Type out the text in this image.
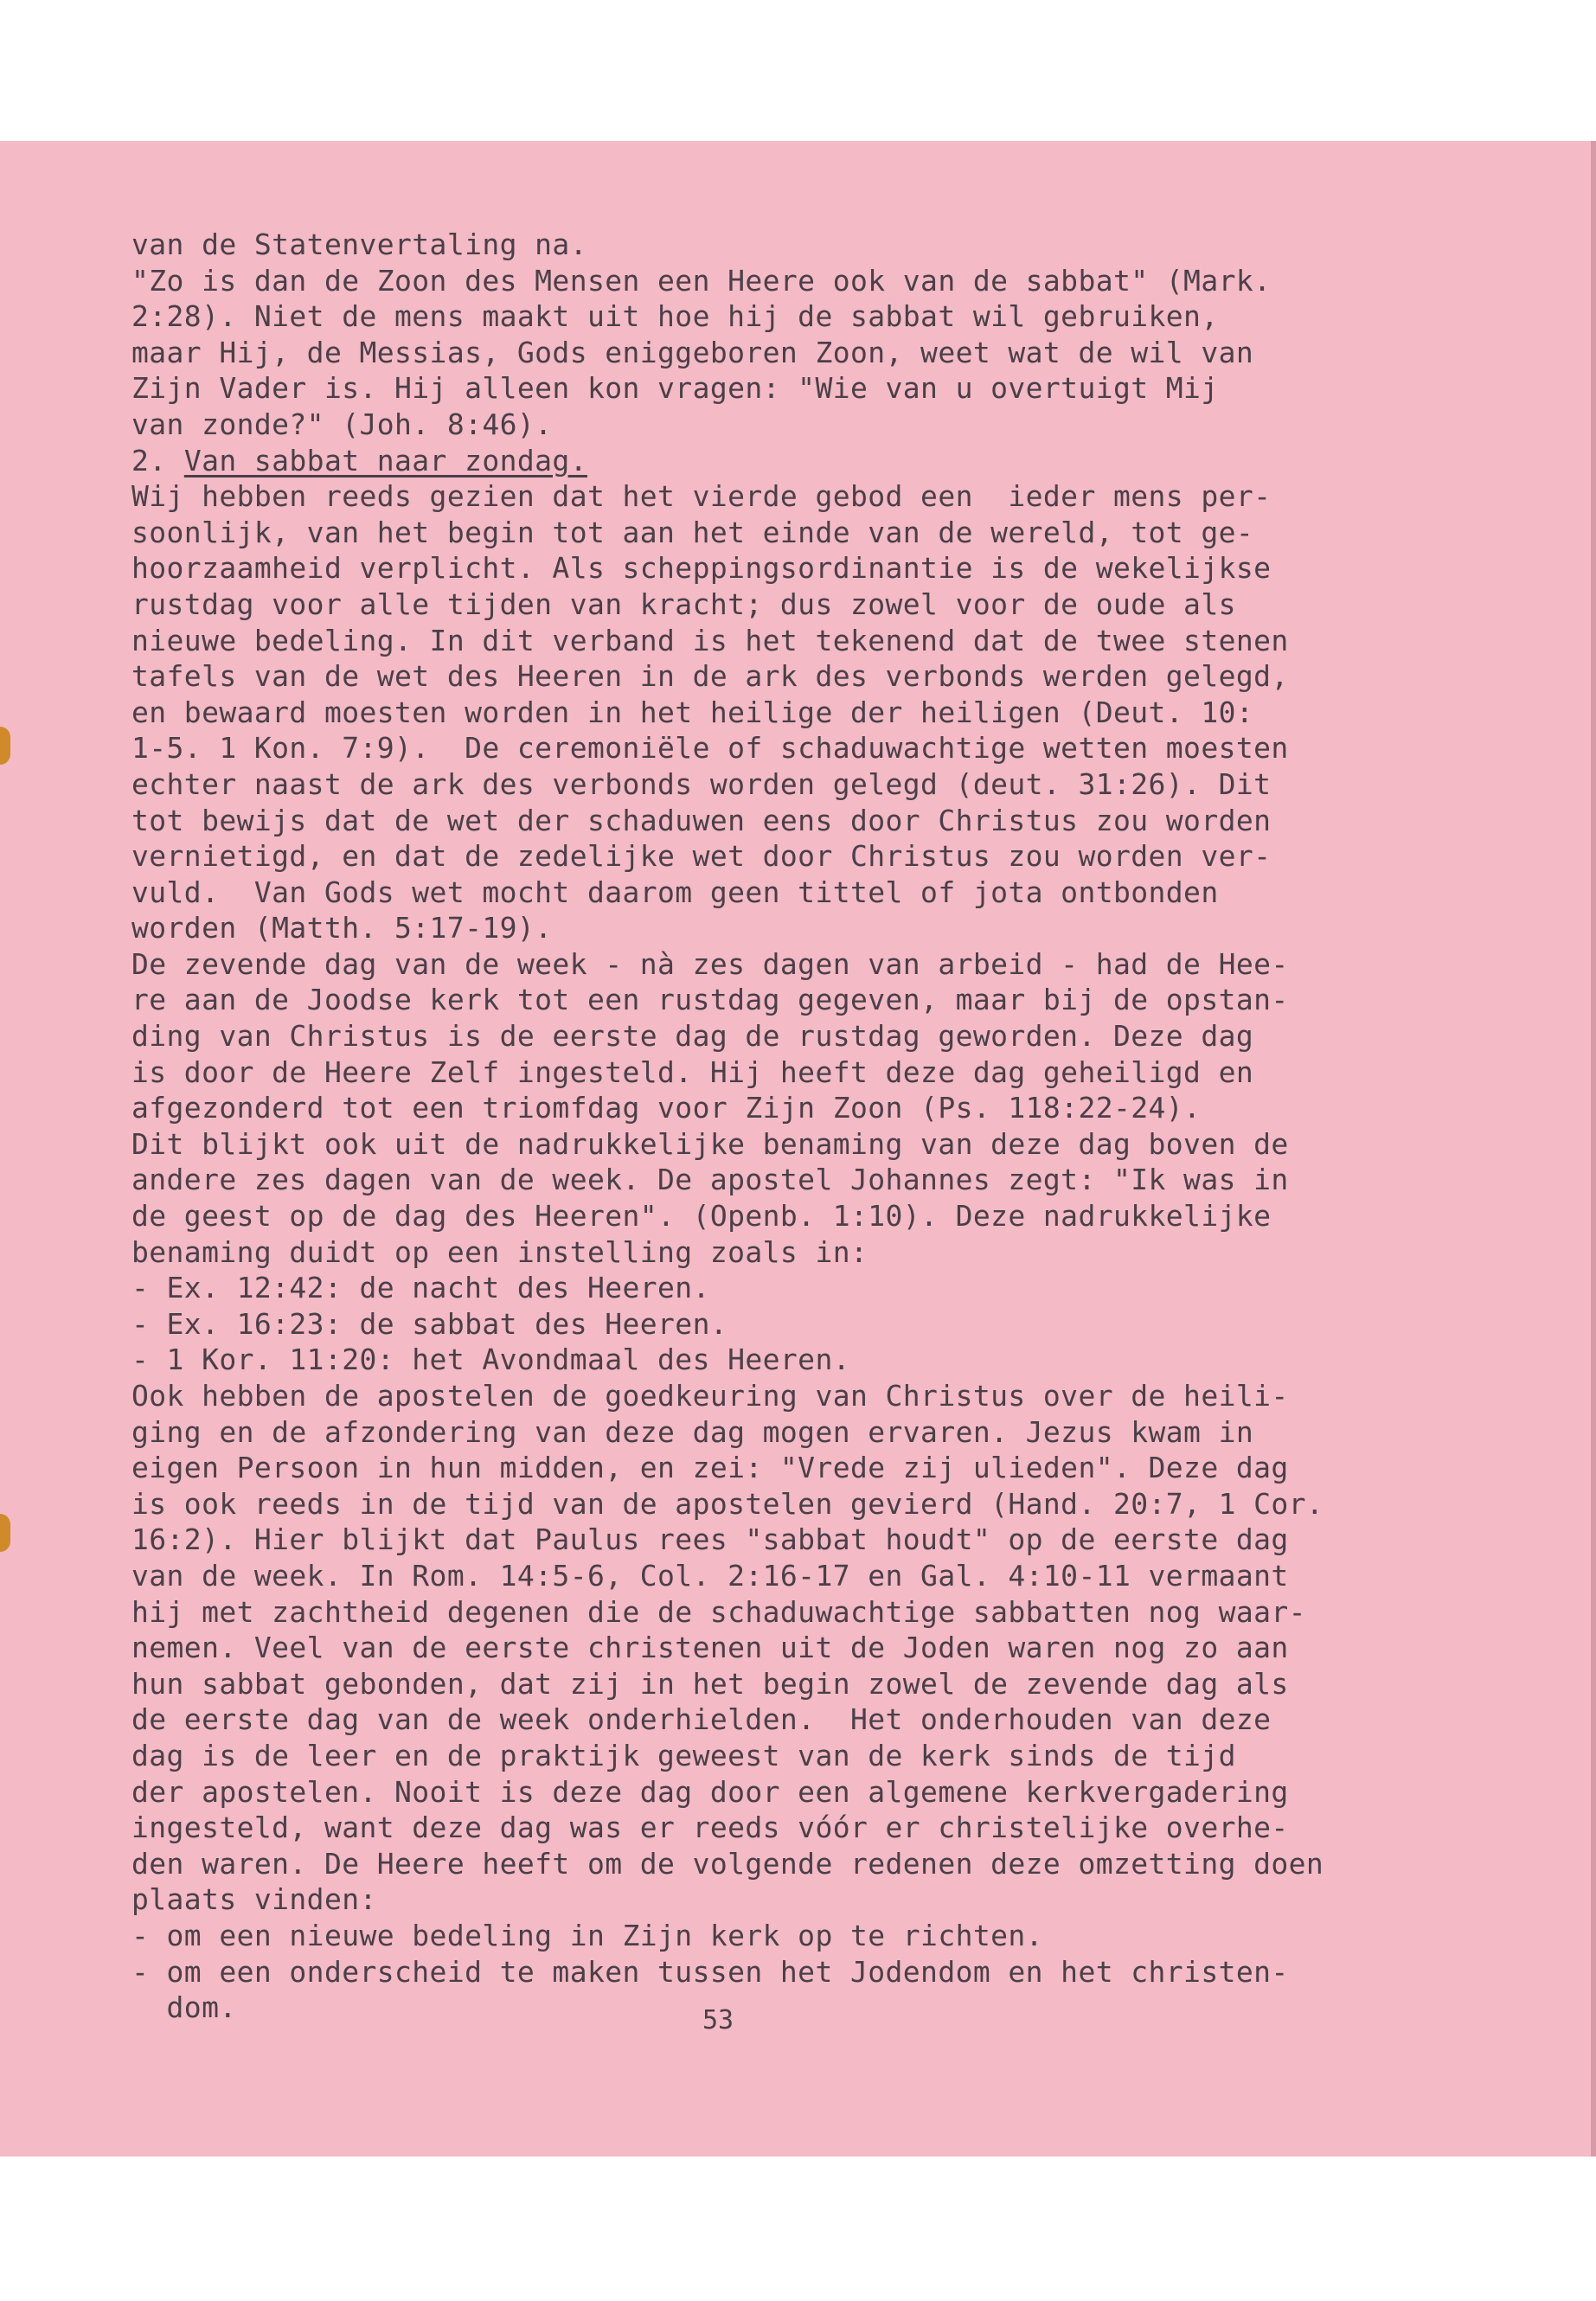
van de Statenvertaling na.
"Zo is dan de Zoon des Mensen een Heere ook van de sabbat" (Mark.
2:28). Niet de mens maakt uit hoe hij de sabbat wil gebruiken,
maar Hij, de Messias, Gods eniggeboren Zoon, weet wat de wil van
Zijn Vader is. Hij alleen kon vragen: "Wie van u overtuigt Mij
van zonde?" (Joh. 8:46).
2. Van sabbat naar zondag.
Wij hebben reeds gezien dat het vierde gebod een  ieder mens per-
soonlijk, van het begin tot aan het einde van de wereld, tot ge-
hoorzaamheid verplicht. Als scheppingsordinantie is de wekelijkse
rustdag voor alle tijden van kracht; dus zowel voor de oude als
nieuwe bedeling. In dit verband is het tekenend dat de twee stenen
tafels van de wet des Heeren in de ark des verbonds werden gelegd,
en bewaard moesten worden in het heilige der heiligen (Deut. 10:
1-5. 1 Kon. 7:9).  De ceremoniële of schaduwachtige wetten moesten
echter naast de ark des verbonds worden gelegd (deut. 31:26). Dit
tot bewijs dat de wet der schaduwen eens door Christus zou worden
vernietigd, en dat de zedelijke wet door Christus zou worden ver-
vuld.  Van Gods wet mocht daarom geen tittel of jota ontbonden
worden (Matth. 5:17-19).
De zevende dag van de week - nà zes dagen van arbeid - had de Hee-
re aan de Joodse kerk tot een rustdag gegeven, maar bij de opstan-
ding van Christus is de eerste dag de rustdag geworden. Deze dag
is door de Heere Zelf ingesteld. Hij heeft deze dag geheiligd en
afgezonderd tot een triomfdag voor Zijn Zoon (Ps. 118:22-24).
Dit blijkt ook uit de nadrukkelijke benaming van deze dag boven de
andere zes dagen van de week. De apostel Johannes zegt: "Ik was in
de geest op de dag des Heeren". (Openb. 1:10). Deze nadrukkelijke
benaming duidt op een instelling zoals in:
- Ex. 12:42: de nacht des Heeren.
- Ex. 16:23: de sabbat des Heeren.
- 1 Kor. 11:20: het Avondmaal des Heeren.
Ook hebben de apostelen de goedkeuring van Christus over de heili-
ging en de afzondering van deze dag mogen ervaren. Jezus kwam in
eigen Persoon in hun midden, en zei: "Vrede zij ulieden". Deze dag
is ook reeds in de tijd van de apostelen gevierd (Hand. 20:7, 1 Cor.
16:2). Hier blijkt dat Paulus rees "sabbat houdt" op de eerste dag
van de week. In Rom. 14:5-6, Col. 2:16-17 en Gal. 4:10-11 vermaant
hij met zachtheid degenen die de schaduwachtige sabbatten nog waar-
nemen. Veel van de eerste christenen uit de Joden waren nog zo aan
hun sabbat gebonden, dat zij in het begin zowel de zevende dag als
de eerste dag van de week onderhielden.  Het onderhouden van deze
dag is de leer en de praktijk geweest van de kerk sinds de tijd
der apostelen. Nooit is deze dag door een algemene kerkvergadering
ingesteld, want deze dag was er reeds vóór er christelijke overhe-
den waren. De Heere heeft om de volgende redenen deze omzetting doen
plaats vinden:
- om een nieuwe bedeling in Zijn kerk op te richten.
- om een onderscheid te maken tussen het Jodendom en het christen-
dom.	53
